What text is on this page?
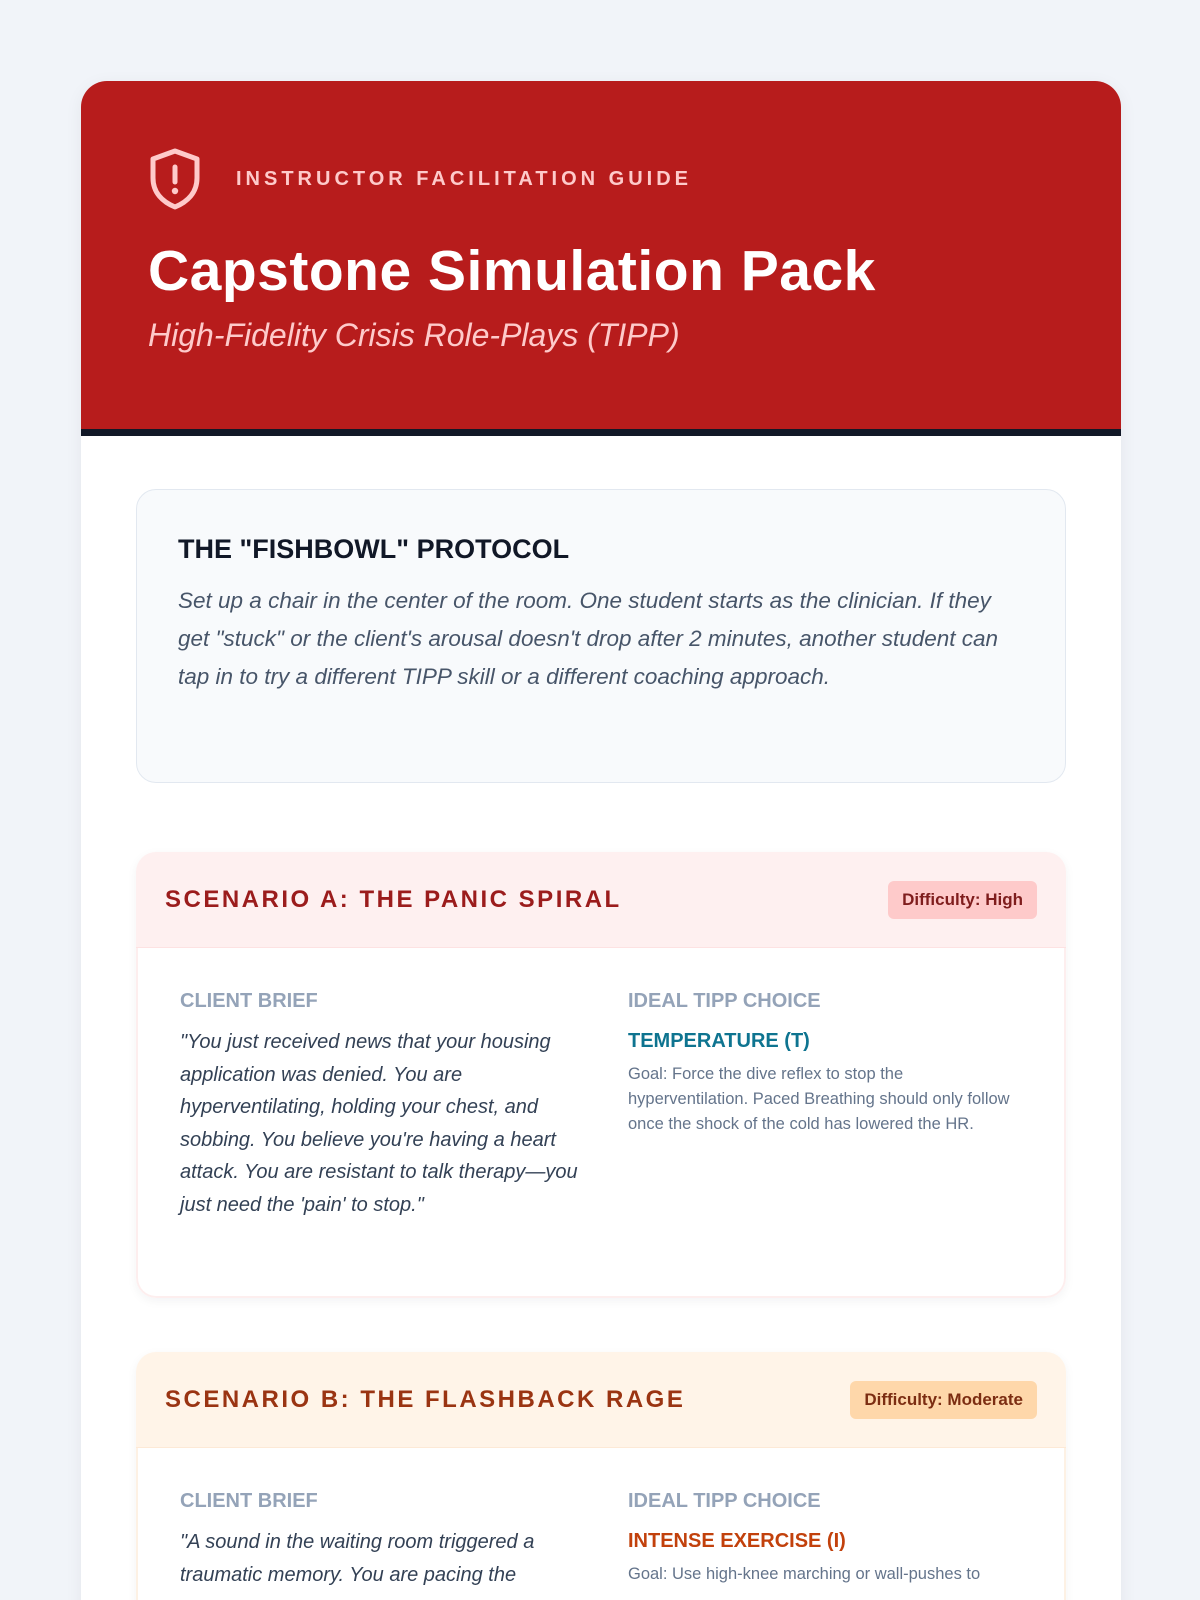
INSTRUCTOR FACILITATION GUIDE
Capstone Simulation Pack
High-Fidelity Crisis Role-Plays (TIPP)
THE "FISHBOWL" PROTOCOL

Set up a chair in the center of the room. One student starts as the clinician. If they get "stuck" or the client's arousal doesn't drop after 2 minutes, another student can tap in to try a different TIPP skill or a different coaching approach.

SCENARIO A: THE PANIC SPIRAL	Difficulty: High
CLIENT BRIEF

"You just received news that your housing application was denied. You are hyperventilating, holding your chest, and sobbing. You believe you're having a heart attack. You are resistant to talk therapy—you just need the 'pain' to stop."

IDEAL TIPP CHOICE
TEMPERATURE (T)

Goal: Force the dive reflex to stop the hyperventilation. Paced Breathing should only follow once the shock of the cold has lowered the HR.

SCENARIO B: THE FLASHBACK RAGE	Difficulty: Moderate
CLIENT BRIEF

"A sound in the waiting room triggered a traumatic memory. You are pacing the

IDEAL TIPP CHOICE
INTENSE EXERCISE (I)

Goal: Use high-knee marching or wall-pushes to
